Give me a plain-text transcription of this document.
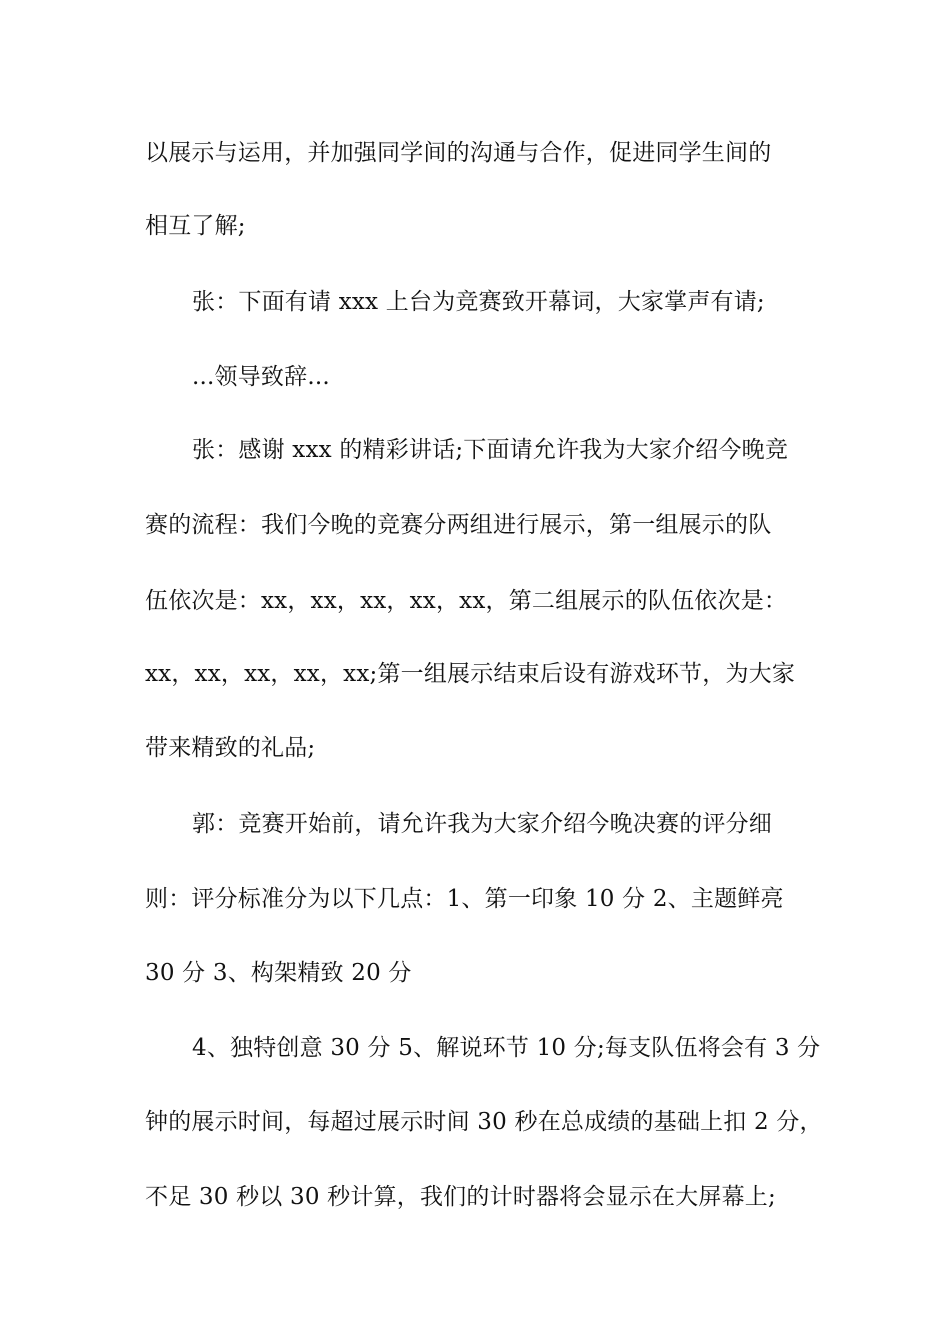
以展示与运用，并加强同学间的沟通与合作，促进同学生间的
相互了解;
张：下面有请 xxx 上台为竞赛致开幕词，大家掌声有请;
...领导致辞...
张：感谢 xxx 的精彩讲话;下面请允许我为大家介绍今晚竞
赛的流程：我们今晚的竞赛分两组进行展示，第一组展示的队
伍依次是：xx，xx，xx，xx，xx，第二组展示的队伍依次是：
xx，xx，xx，xx，xx;第一组展示结束后设有游戏环节，为大家
带来精致的礼品;
郭：竞赛开始前，请允许我为大家介绍今晚决赛的评分细
则：评分标准分为以下几点：1、第一印象 10 分 2、主题鲜亮
30 分 3、构架精致 20 分
4、独特创意 30 分 5、解说环节 10 分;每支队伍将会有 3 分
钟的展示时间，每超过展示时间 30 秒在总成绩的基础上扣 2 分，
不足 30 秒以 30 秒计算，我们的计时器将会显示在大屏幕上;
